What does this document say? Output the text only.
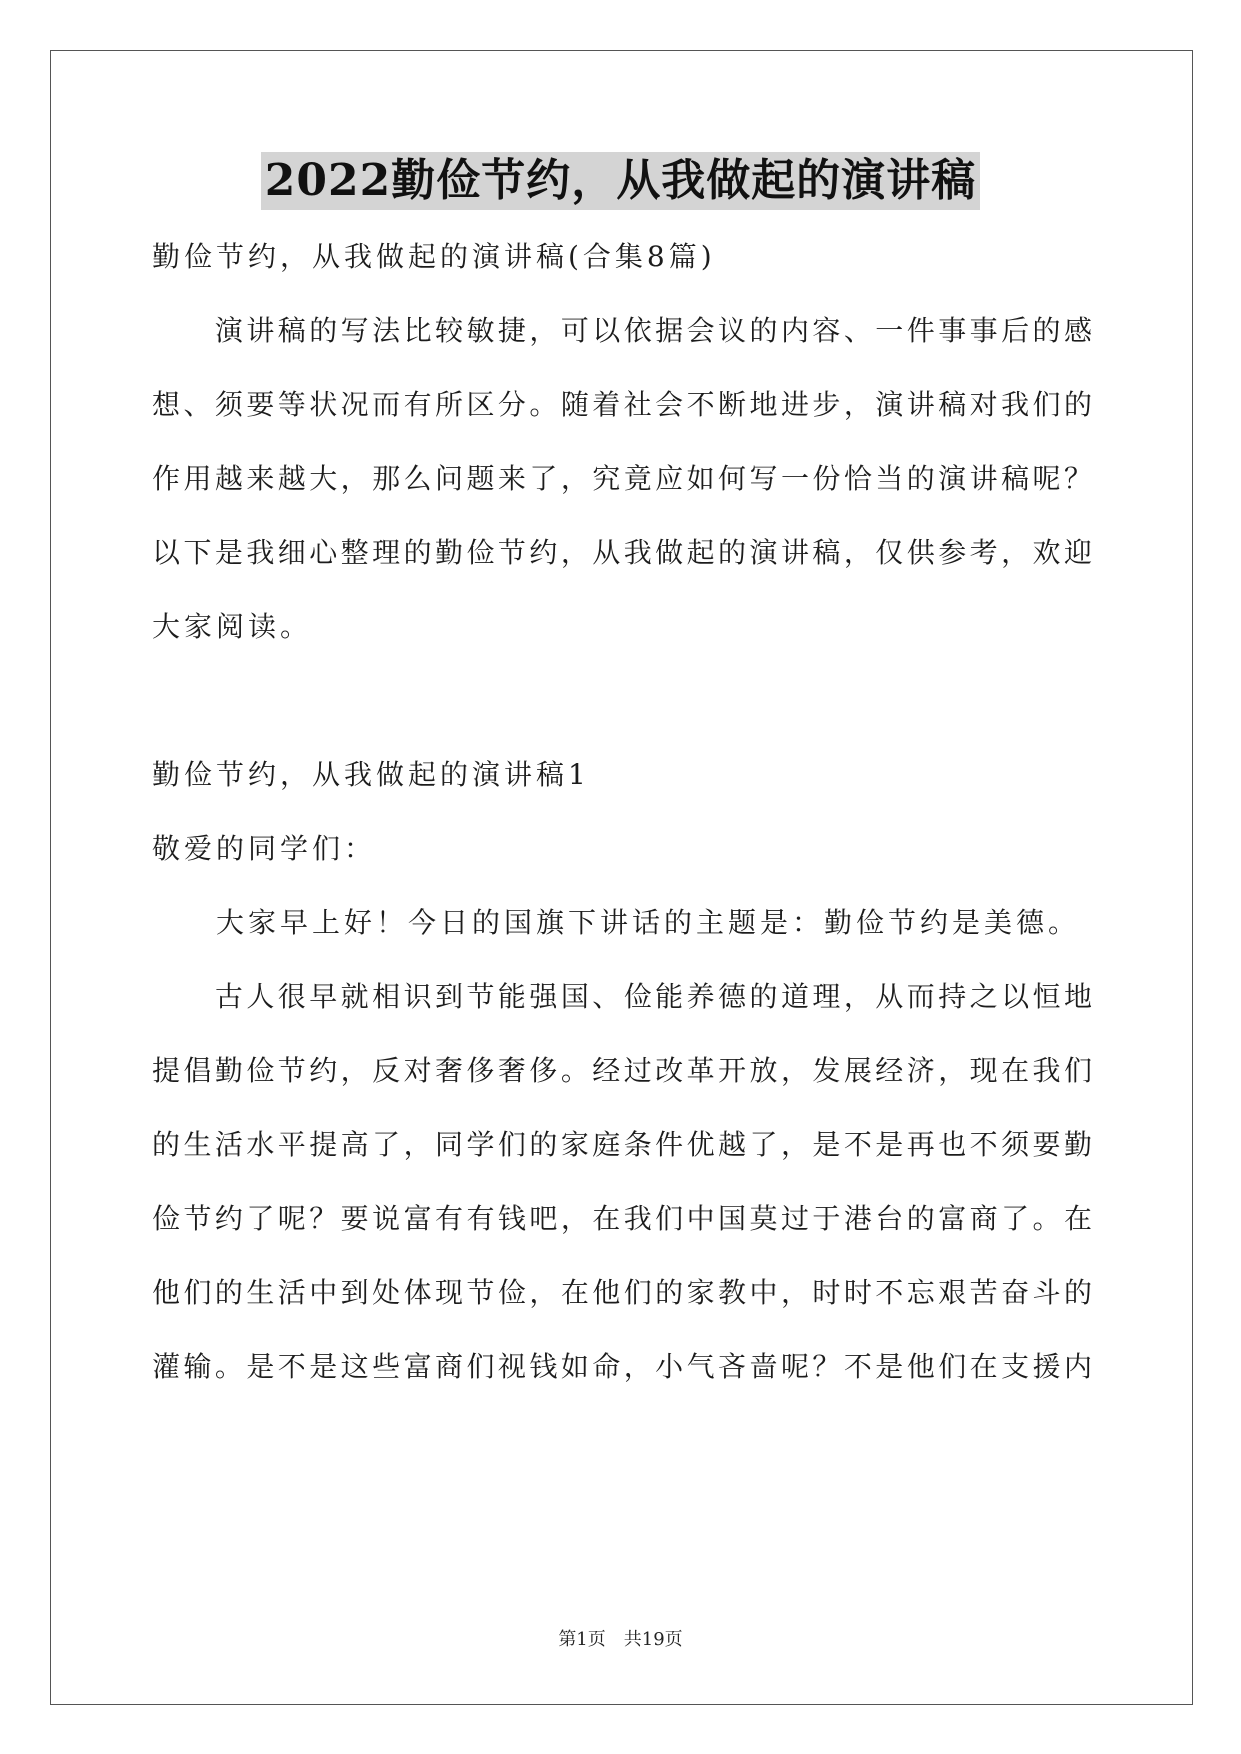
2022勤俭节约，从我做起的演讲稿
勤俭节约，从我做起的演讲稿(合集8篇)
　　演讲稿的写法比较敏捷，可以依据会议的内容、一件事事后的感
想、须要等状况而有所区分。随着社会不断地进步，演讲稿对我们的
作用越来越大，那么问题来了，究竟应如何写一份恰当的演讲稿呢？
以下是我细心整理的勤俭节约，从我做起的演讲稿，仅供参考，欢迎
大家阅读。
勤俭节约，从我做起的演讲稿1
敬爱的同学们：
　　大家早上好！今日的国旗下讲话的主题是：勤俭节约是美德。
　　古人很早就相识到节能强国、俭能养德的道理，从而持之以恒地
提倡勤俭节约，反对奢侈奢侈。经过改革开放，发展经济，现在我们
的生活水平提高了，同学们的家庭条件优越了，是不是再也不须要勤
俭节约了呢？要说富有有钱吧，在我们中国莫过于港台的富商了。在
他们的生活中到处体现节俭，在他们的家教中，时时不忘艰苦奋斗的
灌输。是不是这些富商们视钱如命，小气吝啬呢？不是他们在支援内
第1页　共19页
